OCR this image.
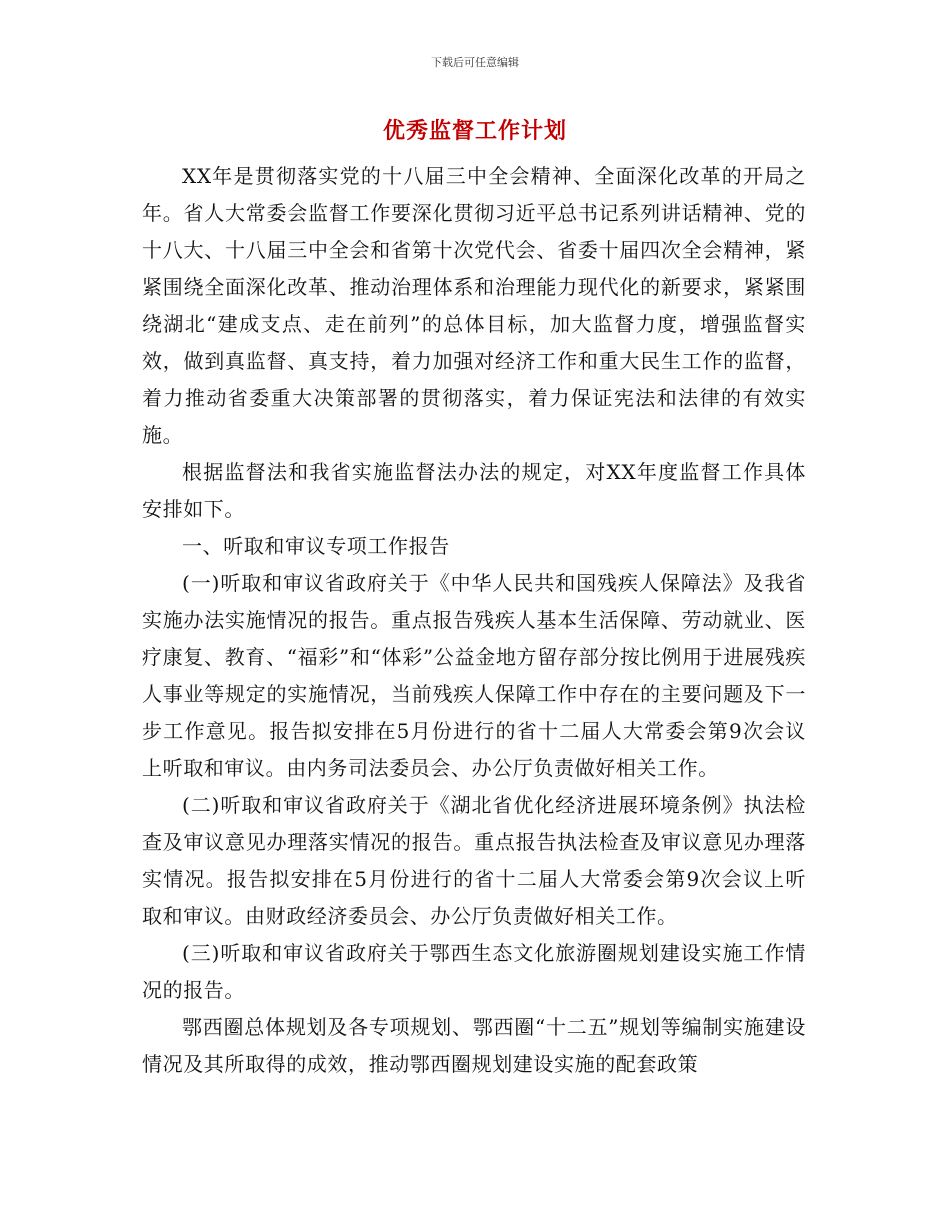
下载后可任意编辑
优秀监督工作计划

XX年是贯彻落实党的十八届三中全会精神、全面深化改革的开局之年。省人大常委会监督工作要深化贯彻习近平总书记系列讲话精神、党的十八大、十八届三中全会和省第十次党代会、省委十届四次全会精神，紧紧围绕全面深化改革、推动治理体系和治理能力现代化的新要求，紧紧围绕湖北“建成支点、走在前列”的总体目标，加大监督力度，增强监督实效，做到真监督、真支持，着力加强对经济工作和重大民生工作的监督，着力推动省委重大决策部署的贯彻落实，着力保证宪法和法律的有效实施。

根据监督法和我省实施监督法办法的规定，对XX年度监督工作具体安排如下。

一、听取和审议专项工作报告

(一)听取和审议省政府关于《中华人民共和国残疾人保障法》及我省实施办法实施情况的报告。重点报告残疾人基本生活保障、劳动就业、医疗康复、教育、“福彩”和“体彩”公益金地方留存部分按比例用于进展残疾人事业等规定的实施情况，当前残疾人保障工作中存在的主要问题及下一步工作意见。报告拟安排在5月份进行的省十二届人大常委会第9次会议上听取和审议。由内务司法委员会、办公厅负责做好相关工作。

(二)听取和审议省政府关于《湖北省优化经济进展环境条例》执法检查及审议意见办理落实情况的报告。重点报告执法检查及审议意见办理落实情况。报告拟安排在5月份进行的省十二届人大常委会第9次会议上听取和审议。由财政经济委员会、办公厅负责做好相关工作。

(三)听取和审议省政府关于鄂西生态文化旅游圈规划建设实施工作情况的报告。

鄂西圈总体规划及各专项规划、鄂西圈“十二五”规划等编制实施建设情况及其所取得的成效，推动鄂西圈规划建设实施的配套政策
